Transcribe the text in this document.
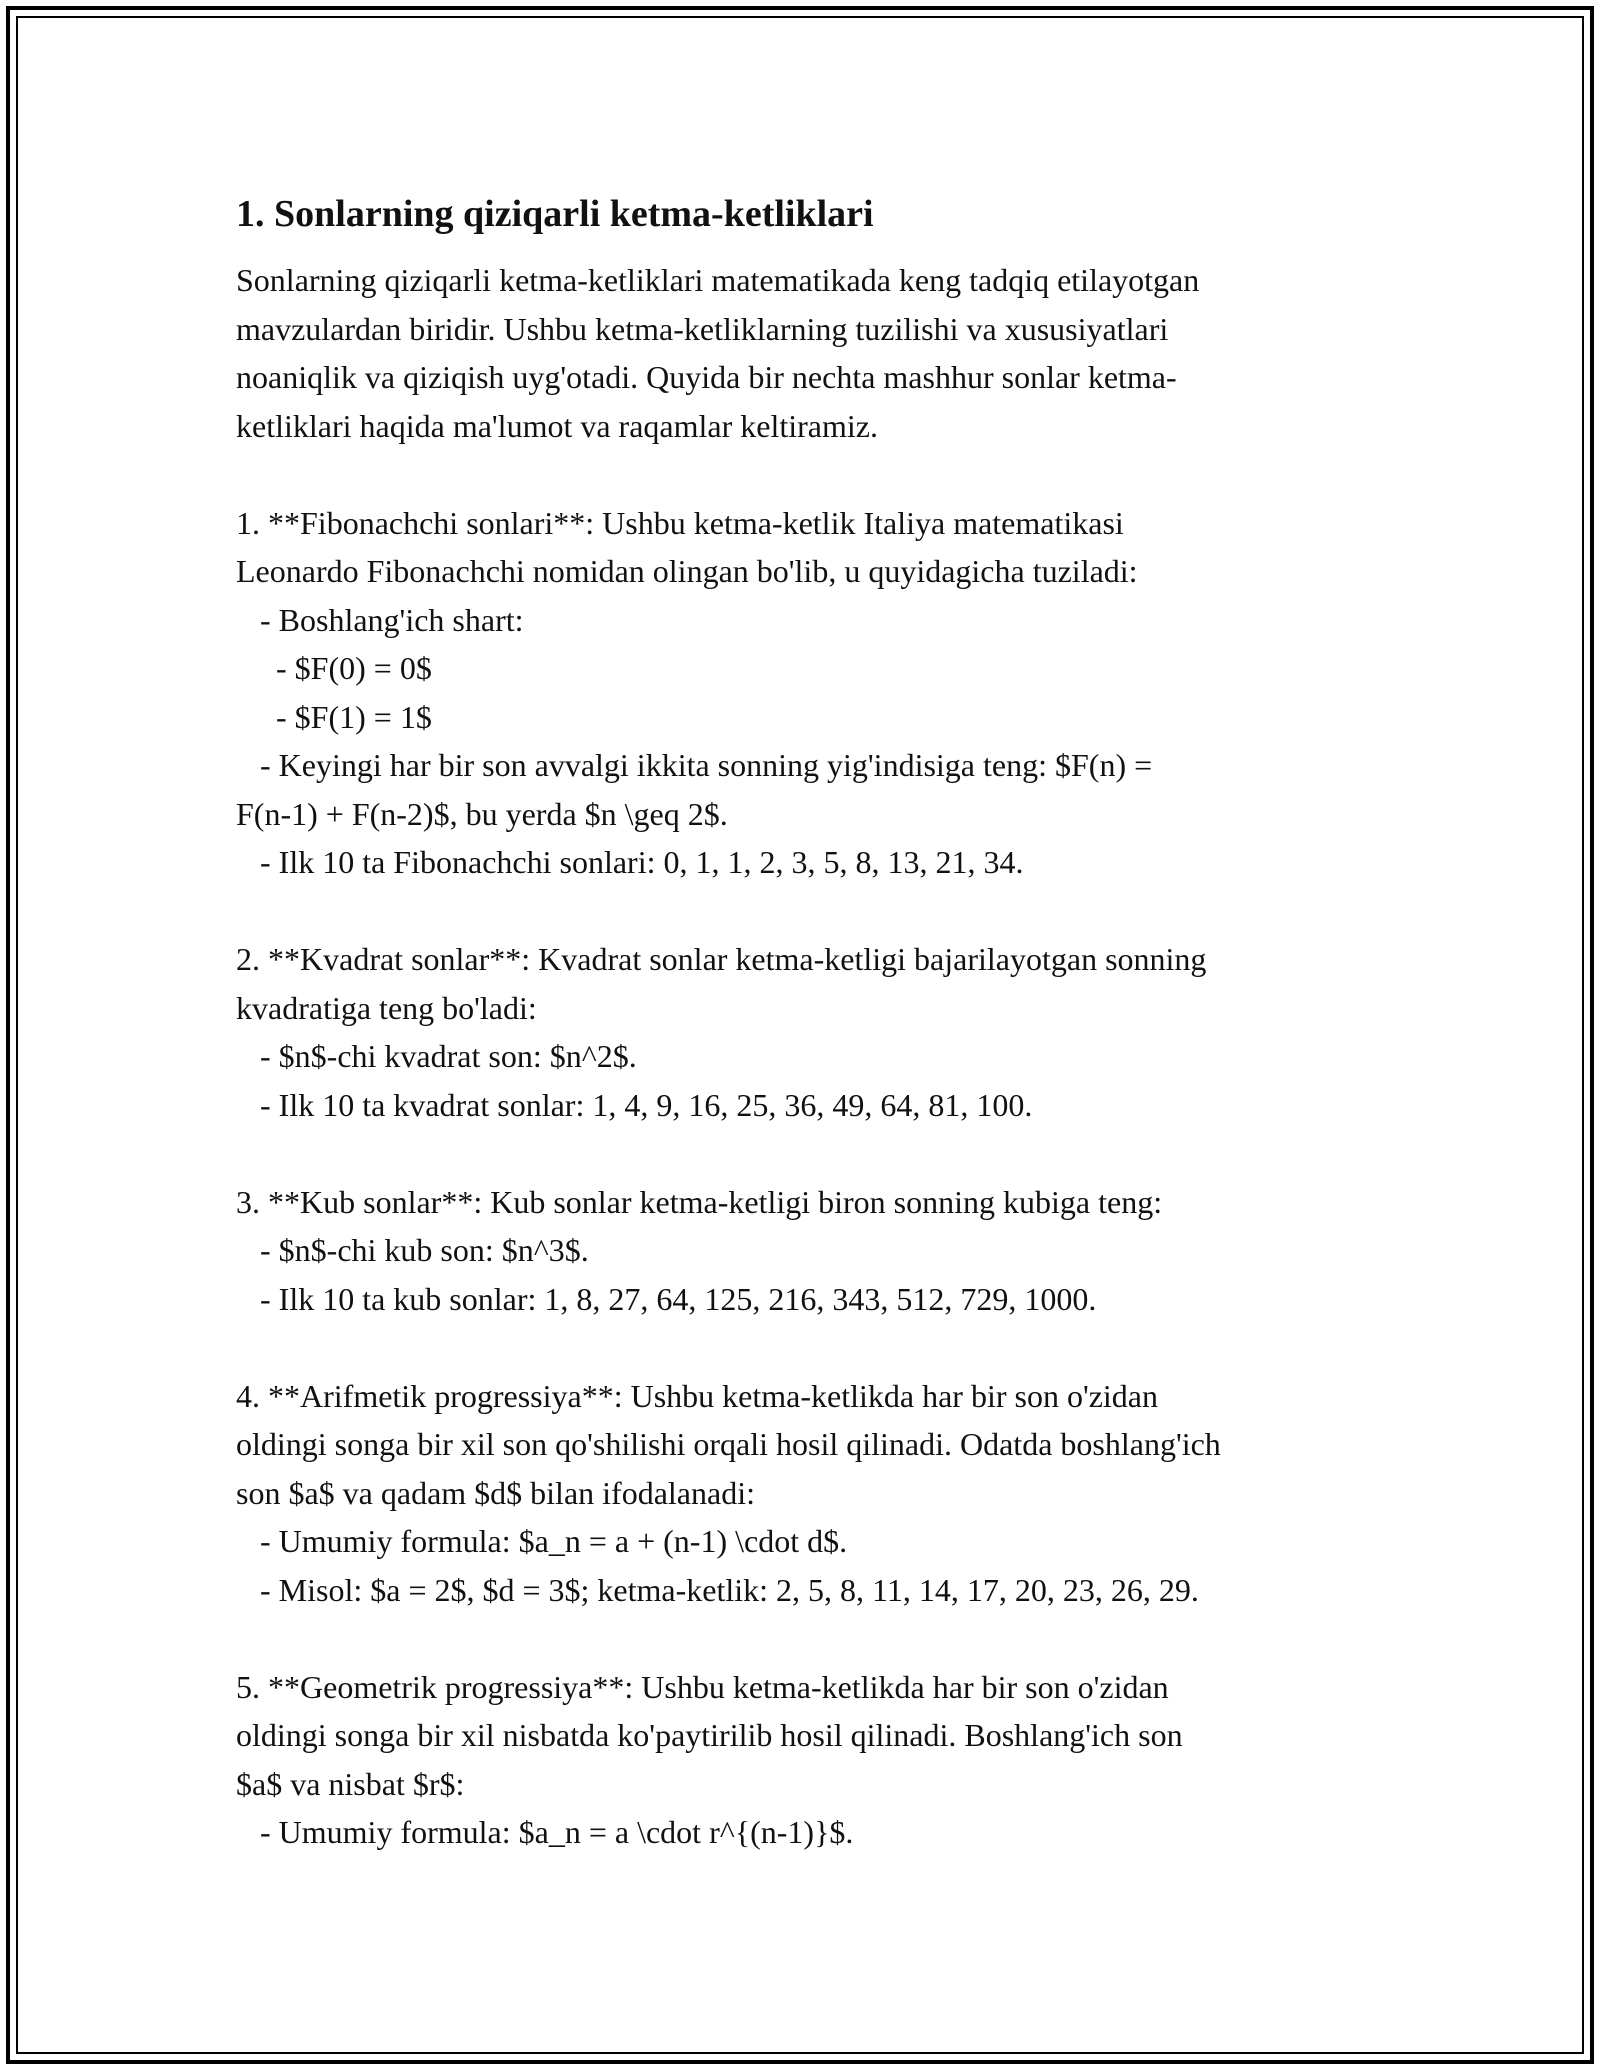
1. Sonlarning qiziqarli ketma-ketliklari
Sonlarning qiziqarli ketma-ketliklari matematikada keng tadqiq etilayotgan
mavzulardan biridir. Ushbu ketma-ketliklarning tuzilishi va xususiyatlari
noaniqlik va qiziqish uyg'otadi. Quyida bir nechta mashhur sonlar ketma-
ketliklari haqida ma'lumot va raqamlar keltiramiz.
1. **Fibonachchi sonlari**: Ushbu ketma-ketlik Italiya matematikasi
Leonardo Fibonachchi nomidan olingan bo'lib, u quyidagicha tuziladi:
- Boshlang'ich shart:
- $F(0) = 0$
- $F(1) = 1$
- Keyingi har bir son avvalgi ikkita sonning yig'indisiga teng: $F(n) =
F(n-1) + F(n-2)$, bu yerda $n \geq 2$.
- Ilk 10 ta Fibonachchi sonlari: 0, 1, 1, 2, 3, 5, 8, 13, 21, 34.
2. **Kvadrat sonlar**: Kvadrat sonlar ketma-ketligi bajarilayotgan sonning
kvadratiga teng bo'ladi:
- $n$-chi kvadrat son: $n^2$.
- Ilk 10 ta kvadrat sonlar: 1, 4, 9, 16, 25, 36, 49, 64, 81, 100.
3. **Kub sonlar**: Kub sonlar ketma-ketligi biron sonning kubiga teng:
- $n$-chi kub son: $n^3$.
- Ilk 10 ta kub sonlar: 1, 8, 27, 64, 125, 216, 343, 512, 729, 1000.
4. **Arifmetik progressiya**: Ushbu ketma-ketlikda har bir son o'zidan
oldingi songa bir xil son qo'shilishi orqali hosil qilinadi. Odatda boshlang'ich
son $a$ va qadam $d$ bilan ifodalanadi:
- Umumiy formula: $a_n = a + (n-1) \cdot d$.
- Misol: $a = 2$, $d = 3$; ketma-ketlik: 2, 5, 8, 11, 14, 17, 20, 23, 26, 29.
5. **Geometrik progressiya**: Ushbu ketma-ketlikda har bir son o'zidan
oldingi songa bir xil nisbatda ko'paytirilib hosil qilinadi. Boshlang'ich son
$a$ va nisbat $r$:
- Umumiy formula: $a_n = a \cdot r^{(n-1)}$.
